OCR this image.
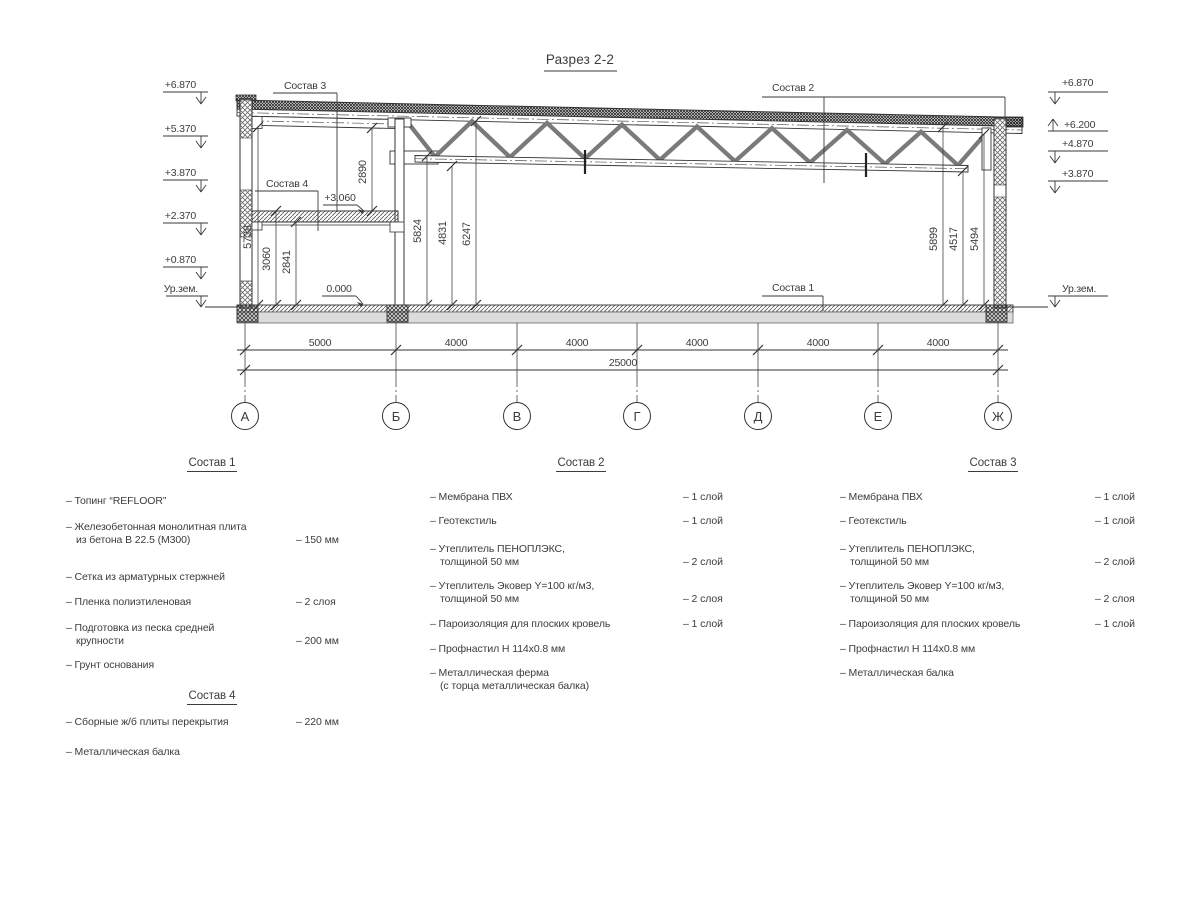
Разрез 2-2
Состав 3	Состав 2
Состав 4
Состав 1
+3.060
0.000
+6.870
+5.370
+3.870
+2.370
+0.870
Ур.зем.
+6.870
+6.200
+4.870
+3.870
Ур.зем.
5738
3060 2841
2890
5824 4831 6247	5899 4517 5494
5000	4000	4000	4000	4000	4000
25000
А	Б	В	Г	Д	Е	Ж
Состав 1
– Топинг “REFLOOR”
– Железобетонная монолитная плита
из бетона В 22.5 (М300)	– 150 мм
– Сетка из арматурных стержней
– Пленка полиэтиленовая	– 2 слоя
– Подготовка из песка средней
крупности	– 200 мм
– Грунт основания
Состав 4
– Сборные ж/б плиты перекрытия	– 220 мм
– Металлическая балка
Состав 2
– Мембрана ПВХ	– 1 слой
– Геотекстиль	– 1 слой
– Утеплитель ПЕНОПЛЭКС,
толщиной 50 мм	– 2 слой
– Утеплитель Эковер Y=100 кг/м3,
толщиной 50 мм	– 2 слоя
– Пароизоляция для плоских кровель	– 1 слой
– Профнастил Н 114х0.8 мм
– Металлическая ферма
(с торца металлическая балка)
Состав 3
– Мембрана ПВХ	– 1 слой
– Геотекстиль	– 1 слой
– Утеплитель ПЕНОПЛЭКС,
толщиной 50 мм	– 2 слой
– Утеплитель Эковер Y=100 кг/м3,
толщиной 50 мм	– 2 слоя
– Пароизоляция для плоских кровель	– 1 слой
– Профнастил Н 114х0.8 мм
– Металлическая балка
